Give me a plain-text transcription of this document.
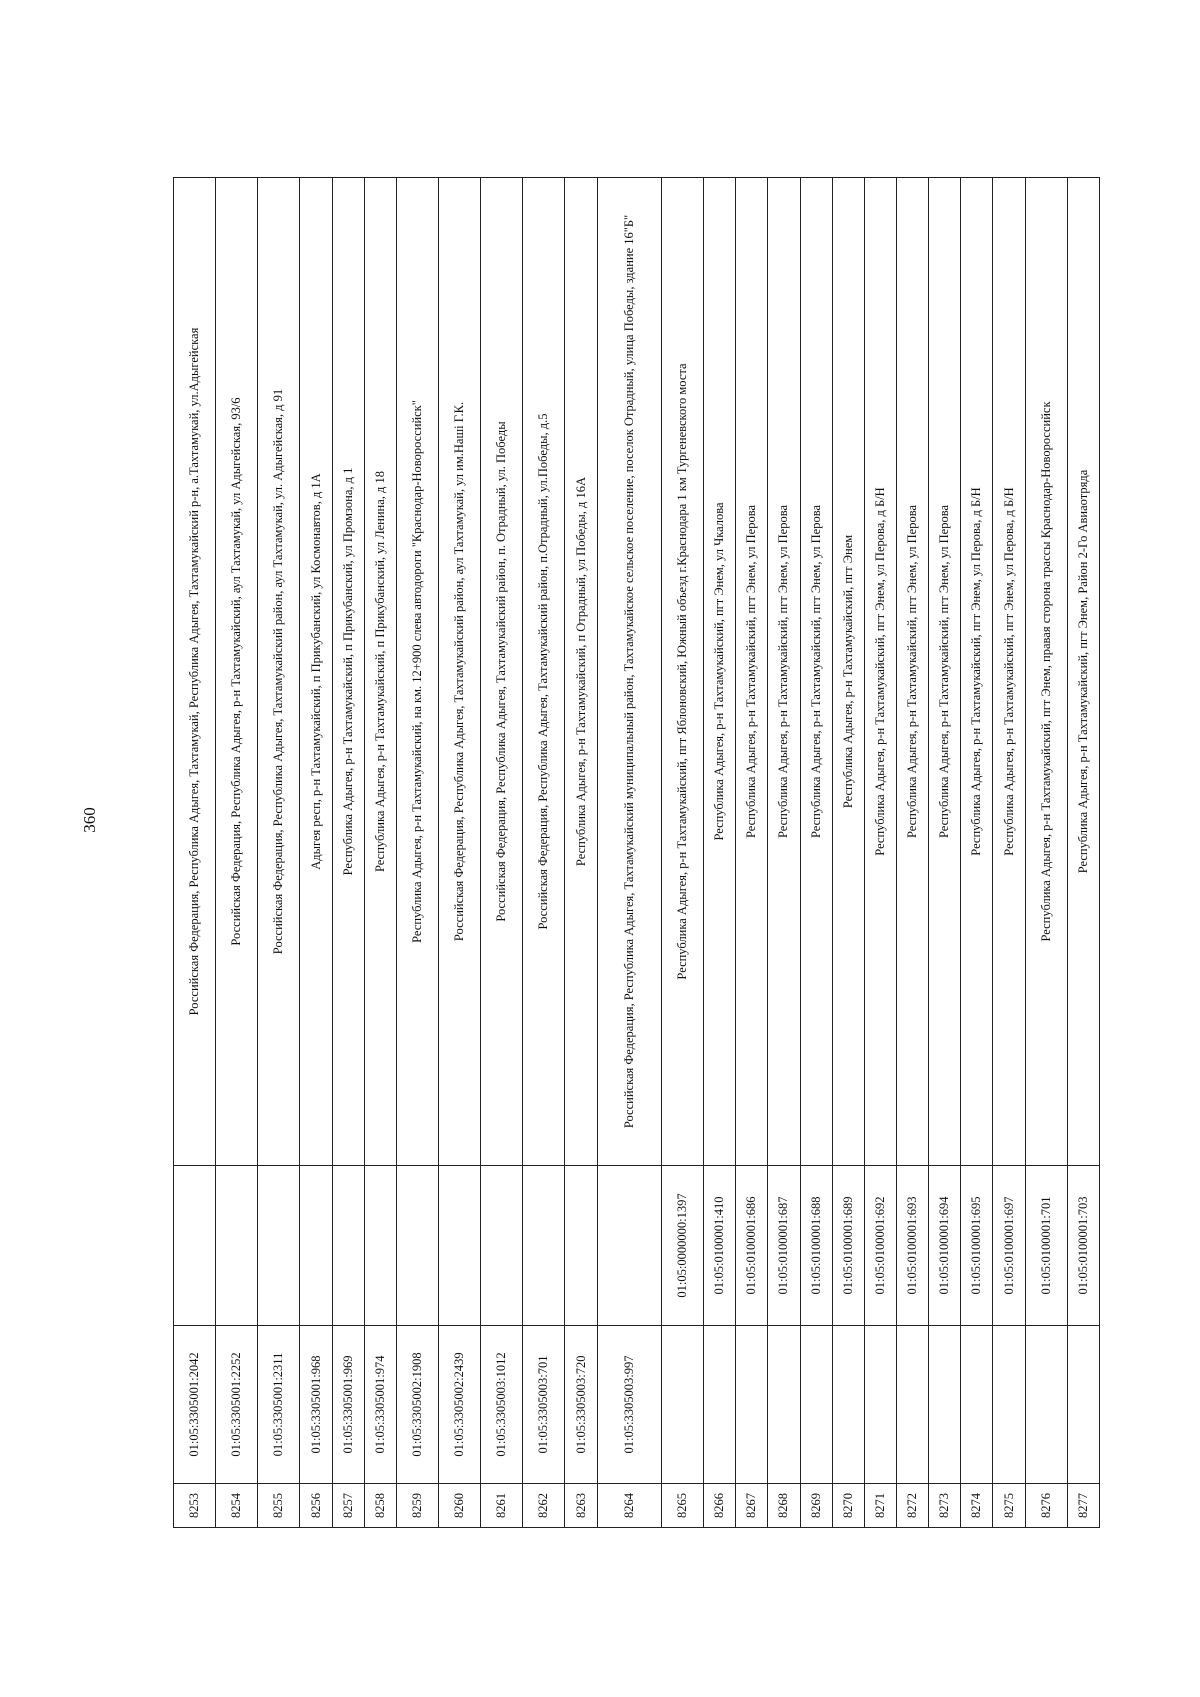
360
8253	01:05:3305001:2042		Российская Федерация, Республика Адыгея, Тахтамукай, Республика Адыгея, Тахтамукайский р-н, а.Тахтамукай, ул.Адыгейская
8254	01:05:3305001:2252		Российская Федерация, Республика Адыгея, р-н Тахтамукайский, аул Тахтамукай, ул Адыгейская, 93/6
8255	01:05:3305001:2311		Российская Федерация, Республика Адыгея, Тахтамукайский район, аул Тахтамукай, ул. Адыгейская, д 91
8256	01:05:3305001:968		Адыгея респ, р-н Тахтамукайский, п Прикубанский, ул Космонавтов, д 1А
8257	01:05:3305001:969		Республика Адыгея, р-н Тахтамукайский, п Прикубанский, ул Промзона, д 1
8258	01:05:3305001:974		Республика Адыгея, р-н Тахтамукайский, п Прикубанский, ул Ленина, д 18
8259	01:05:3305002:1908		Республика Адыгея, р-н Тахтамукайский, на км. 12+900 слева автодороги "Краснодар-Новороссийск"
8260	01:05:3305002:2439		Российская Федерация, Республика Адыгея, Тахтамукайский район, аул Тахтамукай, ул им.Нашi Г.К.
8261	01:05:3305003:1012		Российская Федерация, Республика Адыгея, Тахтамукайский район, п. Отрадный, ул. Победы
8262	01:05:3305003:701		Российская Федерация, Республика Адыгея, Тахтамукайский район, п.Отрадный, ул.Победы, д.5
8263	01:05:3305003:720		Республика Адыгея, р-н Тахтамукайский, п Отрадный, ул Победы, д 16А
8264	01:05:3305003:997		Российская Федерация, Республика Адыгея, Тахтамукайский муниципальный район, Тахтамукайское сельское поселение, поселок Отрадный, улица Победы, здание 16"Б"
8265		01:05:0000000:1397	Республика Адыгея, р-н Тахтамукайский, пгт Яблоновский, Южный объезд г.Краснодара 1 км Тургеневского моста
8266		01:05:0100001:410	Республика Адыгея, р-н Тахтамукайский, пгт Энем, ул Чкалова
8267		01:05:0100001:686	Республика Адыгея, р-н Тахтамукайский, пгт Энем, ул Перова
8268		01:05:0100001:687	Республика Адыгея, р-н Тахтамукайский, пгт Энем, ул Перова
8269		01:05:0100001:688	Республика Адыгея, р-н Тахтамукайский, пгт Энем, ул Перова
8270		01:05:0100001:689	Республика Адыгея, р-н Тахтамукайский, пгт Энем
8271		01:05:0100001:692	Республика Адыгея, р-н Тахтамукайский, пгт Энем, ул Перова, д Б/Н
8272		01:05:0100001:693	Республика Адыгея, р-н Тахтамукайский, пгт Энем, ул Перова
8273		01:05:0100001:694	Республика Адыгея, р-н Тахтамукайский, пгт Энем, ул Перова
8274		01:05:0100001:695	Республика Адыгея, р-н Тахтамукайский, пгт Энем, ул Перова, д Б/Н
8275		01:05:0100001:697	Республика Адыгея, р-н Тахтамукайский, пгт Энем, ул Перова, д Б/Н
8276		01:05:0100001:701	Республика Адыгея, р-н Тахтамукайский, пгт Энем, правая сторона трассы Краснодар-Новороссийск
8277		01:05:0100001:703	Республика Адыгея, р-н Тахтамукайский, пгт Энем, Район 2-Го Авиаотряда
